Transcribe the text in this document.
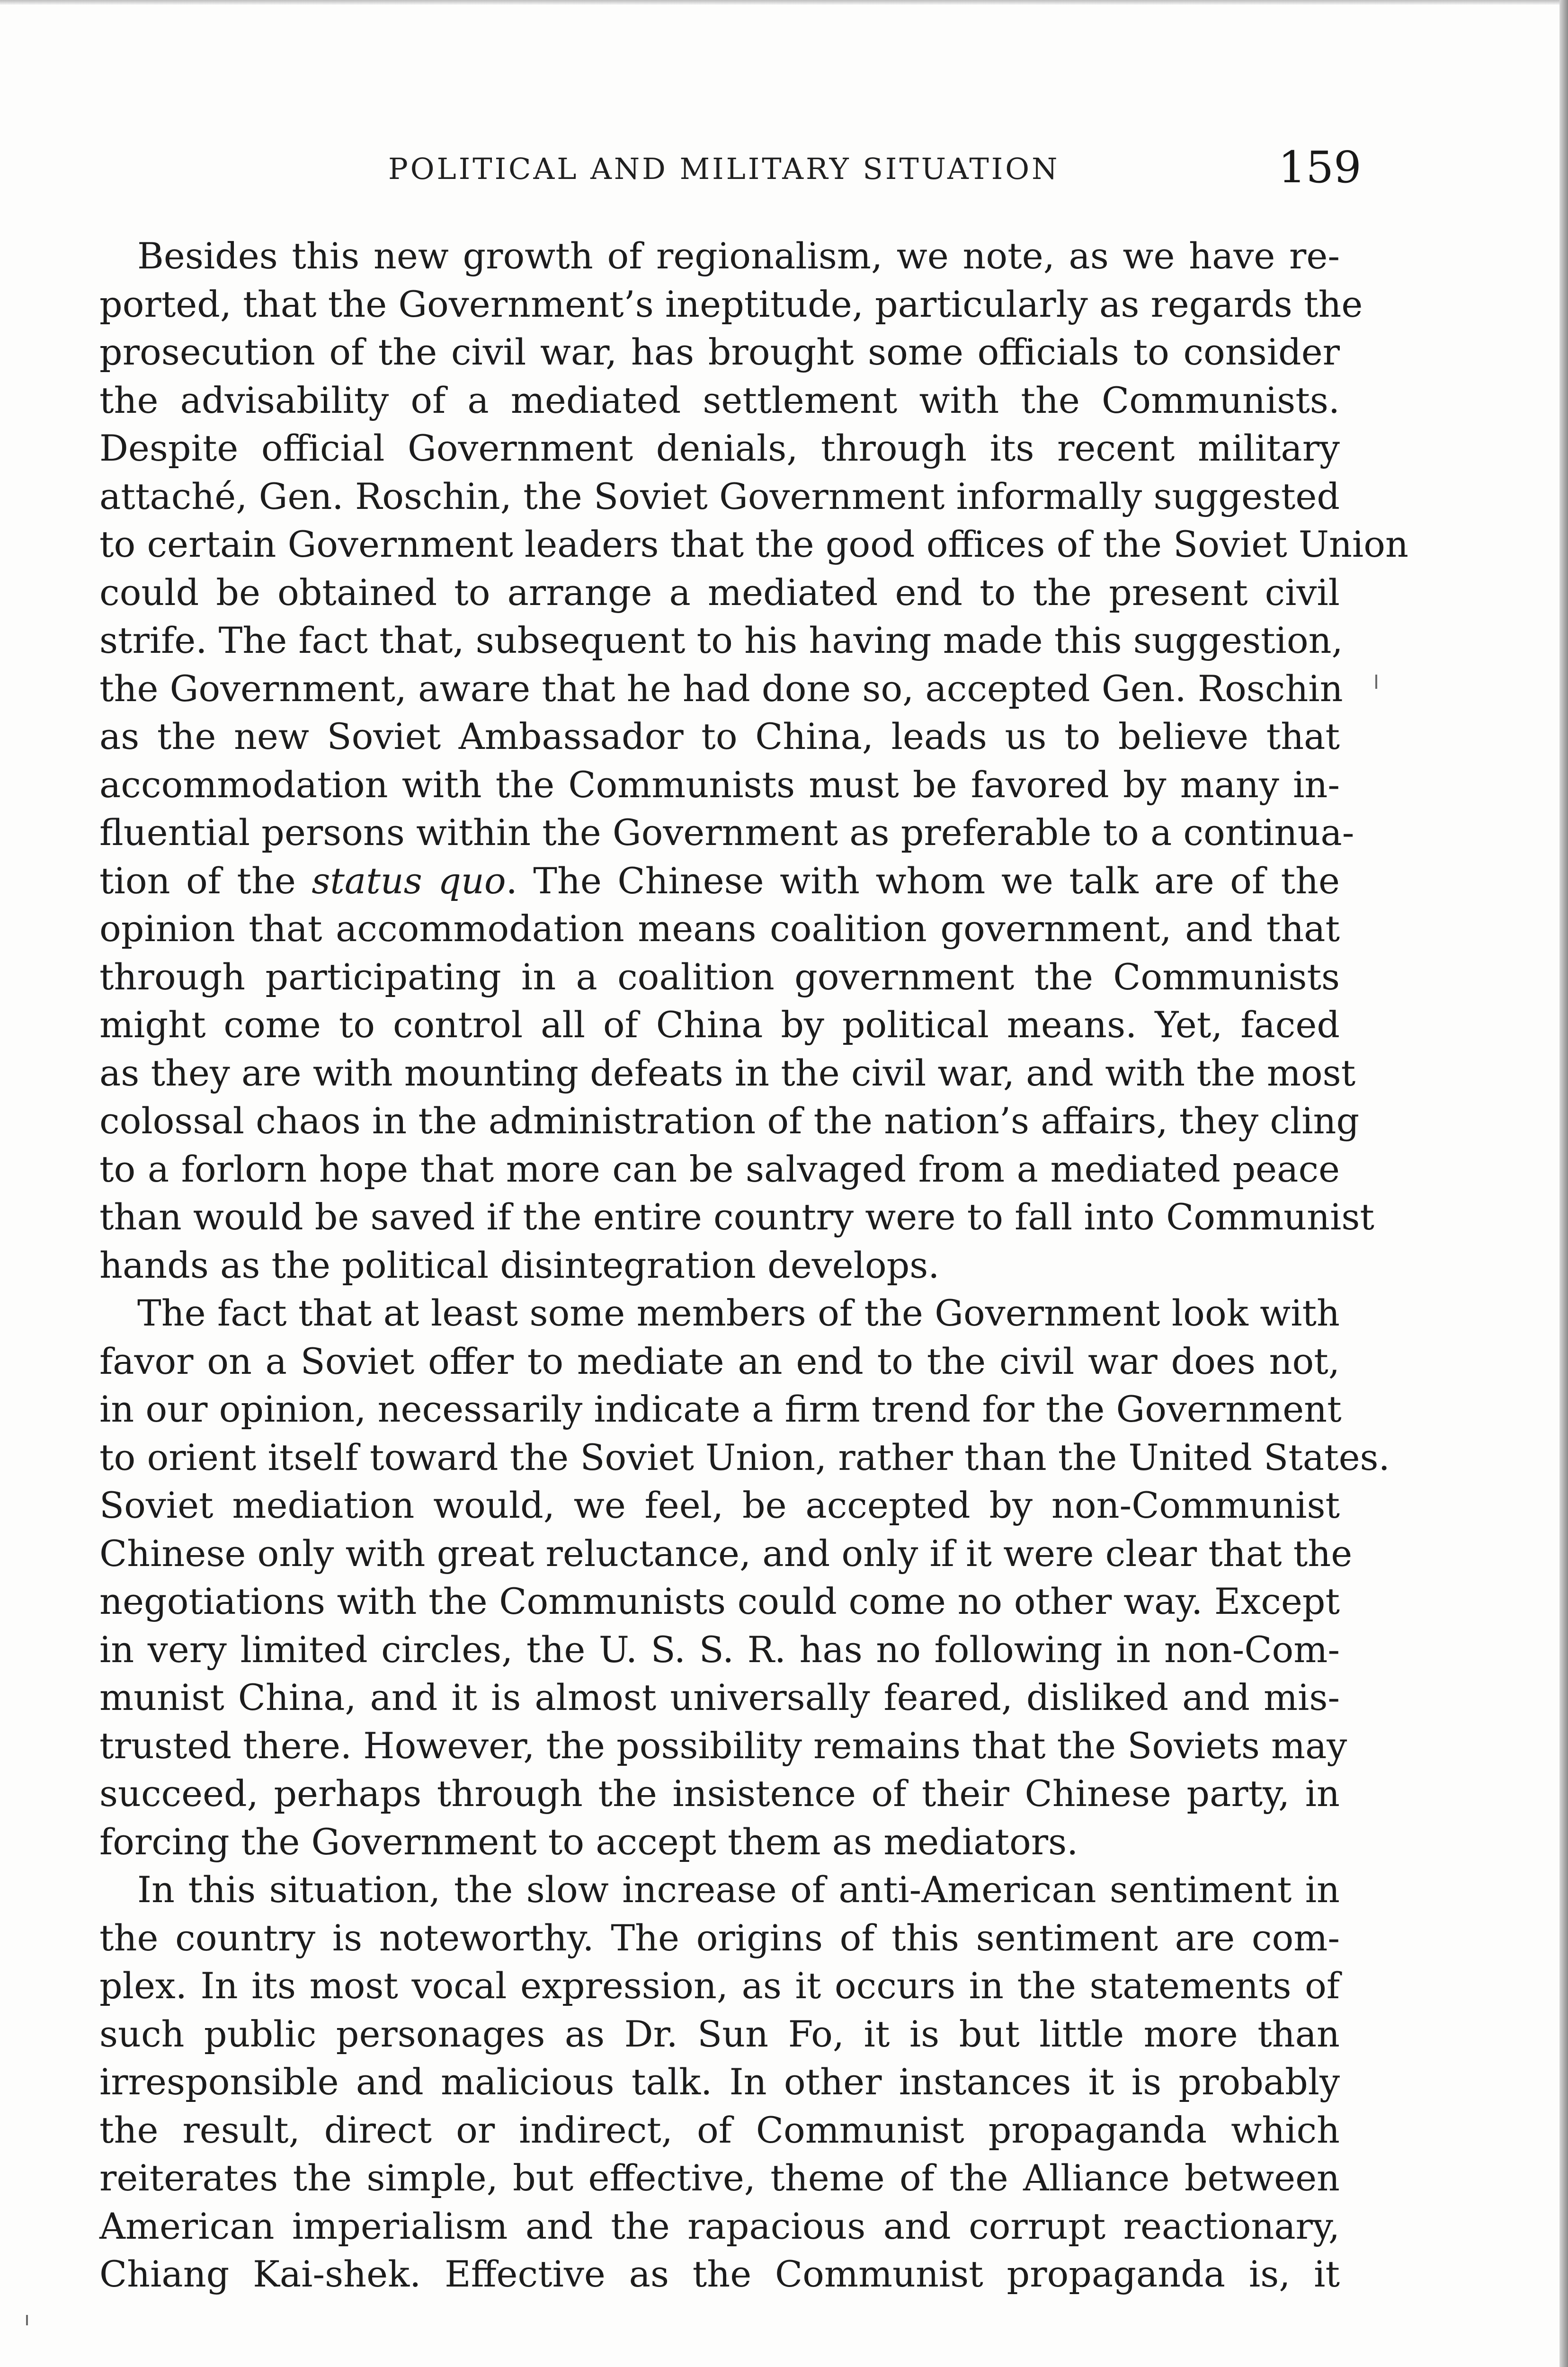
POLITICAL AND MILITARY SITUATION	159
Besides this new growth of regionalism, we note, as we have re-
ported, that the Government’s ineptitude, particularly as regards the
prosecution of the civil war, has brought some officials to consider
the advisability of a mediated settlement with the Communists.
Despite official Government denials, through its recent military
attaché, Gen. Roschin, the Soviet Government informally suggested
to certain Government leaders that the good offices of the Soviet Union
could be obtained to arrange a mediated end to the present civil
strife. The fact that, subsequent to his having made this suggestion,
the Government, aware that he had done so, accepted Gen. Roschin
as the new Soviet Ambassador to China, leads us to believe that
accommodation with the Communists must be favored by many in-
fluential persons within the Government as preferable to a continua-
tion of the status quo. The Chinese with whom we talk are of the
opinion that accommodation means coalition government, and that
through participating in a coalition government the Communists
might come to control all of China by political means. Yet, faced
as they are with mounting defeats in the civil war, and with the most
colossal chaos in the administration of the nation’s affairs, they cling
to a forlorn hope that more can be salvaged from a mediated peace
than would be saved if the entire country were to fall into Communist
hands as the political disintegration develops.
The fact that at least some members of the Government look with
favor on a Soviet offer to mediate an end to the civil war does not,
in our opinion, necessarily indicate a firm trend for the Government
to orient itself toward the Soviet Union, rather than the United States.
Soviet mediation would, we feel, be accepted by non-Communist
Chinese only with great reluctance, and only if it were clear that the
negotiations with the Communists could come no other way. Except
in very limited circles, the U. S. S. R. has no following in non-Com-
munist China, and it is almost universally feared, disliked and mis-
trusted there. However, the possibility remains that the Soviets may
succeed, perhaps through the insistence of their Chinese party, in
forcing the Government to accept them as mediators.
In this situation, the slow increase of anti-American sentiment in
the country is noteworthy. The origins of this sentiment are com-
plex. In its most vocal expression, as it occurs in the statements of
such public personages as Dr. Sun Fo, it is but little more than
irresponsible and malicious talk. In other instances it is probably
the result, direct or indirect, of Communist propaganda which
reiterates the simple, but effective, theme of the Alliance between
American imperialism and the rapacious and corrupt reactionary,
Chiang Kai-shek. Effective as the Communist propaganda is, it
